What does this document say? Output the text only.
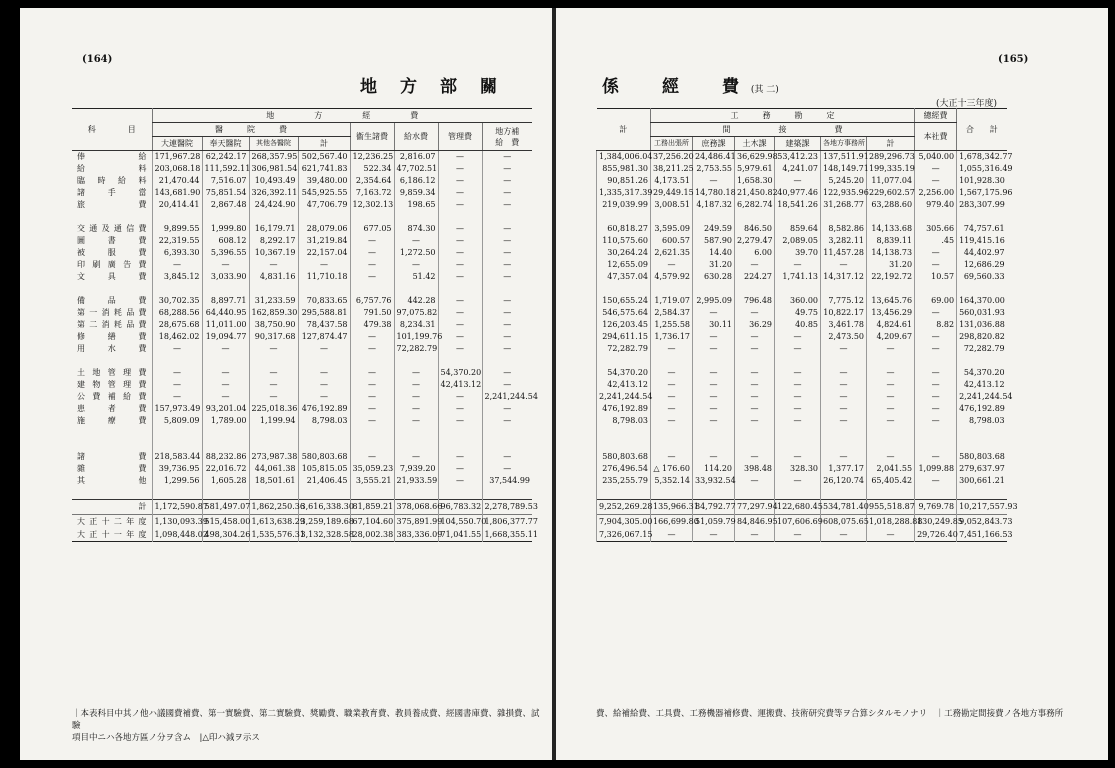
(164)
地　方　部　關
科　　　　目	地　　　　　方　　　　　經　　　　　費							
	醫　　　院　　　費				衞生諸費	給水費	管理費	地方補
給　費
	大連醫院	奉天醫院	其他各醫院	計				
俸給	171,967.28	62,242.17	268,357.95	502,567.40	12,236.25	2,816.07	—	—
給料	203,068.18	111,592.11	306,981.54	621,741.83	522.34	47,702.51	—	—
臨時給料	21,470.44	7,516.07	10,493.49	39,480.00	2,354.64	6,186.12	—	—
諸手當	143,681.90	75,851.54	326,392.11	545,925.55	7,163.72	9,859.34	—	—
旅費	20,414.41	2,867.48	24,424.90	47,706.79	12,302.13	198.65	—	—

交通及通信費	9,899.55	1,999.80	16,179.71	28,079.06	677.05	874.30	—	—
圖書費	22,319.55	608.12	8,292.17	31,219.84	—	—	—	—
被服費	6,393.30	5,396.55	10,367.19	22,157.04	—	1,272.50	—	—
印刷廣告費	—	—	—	—	—	—	—	—
文具費	3,845.12	3,033.90	4,831.16	11,710.18	—	51.42	—	—

備品費	30,702.35	8,897.71	31,233.59	70,833.65	6,757.76	442.28	—	—
第一消耗品費	68,288.56	64,440.95	162,859.30	295,588.81	791.50	97,075.82	—	—
第二消耗品費	28,675.68	11,011.00	38,750.90	78,437.58	479.38	8,234.31	—	—
修繕費	18,462.02	19,094.77	90,317.68	127,874.47	—	101,199.76	—	—
用水費	—	—	—	—	—	72,282.79	—	—

土地管理費	—	—	—	—	—	—	54,370.20	—
建物管理費	—	—	—	—	—	—	42,413.12	—
公費補給費	—	—	—	—	—	—	—	2,241,244.54
患者費	157,973.49	93,201.04	225,018.36	476,192.89	—	—	—	—
施療費	5,809.09	1,789.00	1,199.94	8,798.03	—	—	—	—

諸費	218,583.44	88,232.86	273,987.38	580,803.68	—	—	—	—
雜費	39,736.95	22,016.72	44,061.38	105,815.05	35,059.23	7,939.20	—	—
其他	1,299.56	1,605.28	18,501.61	21,406.45	3,555.21	21,933.59	—	37,544.99

計	1,172,590.87	581,497.07	1,862,250.36	3,616,338.30	81,859.21	378,068.66	96,783.32	2,278,789.53
大正十二年度	1,130,093.39	515,458.00	1,613,638.29	3,259,189.68	67,104.60	375,891.99	104,550.70	1,806,377.77
大正十一年度	1,098,448.02	498,304.26	1,535,576.31	3,132,328.58	28,002.38	383,336.09	71,041.55	1,668,355.11
｜本表科目中其ノ他ハ議國費補費、第一實驗費、第二實驗費、獎勵費、職業教育費、教員養成費、經國書庫費、雜損費、試驗
項目中ニハ各地方區ノ分ヲ含ム　|△印ハ減ヲ示ス
(165)
係　　經　　費 (其 二)
(大正十三年度)
計	工　　　務　　　勘　　　定						總經費	合　　計
	間　　　　　　接　　　　　　費						本社費	
	工務出張所	庶務課	土木課	建築課	各地方事務所	計		
1,384,006.04	37,256.20	24,486.41	36,629.98	53,412.23	137,511.91	289,296.73	5,040.00	1,678,342.77
855,981.30	38,211.25	2,753.55	5,979.61	4,241.07	148,149.71	199,335.19	—	1,055,316.49
90,851.26	4,173.51	—	1,658.30	—	5,245.20	11,077.04	—	101,928.30
1,335,317.39	29,449.15	14,780.18	21,450.82	40,977.46	122,935.96	229,602.57	2,256.00	1,567,175.96
219,039.99	3,008.51	4,187.32	6,282.74	18,541.26	31,268.77	63,288.60	979.40	283,307.99

60,818.27	3,595.09	249.59	846.50	859.64	8,582.86	14,133.68	305.66	74,757.61
110,575.60	600.57	587.90	2,279.47	2,089.05	3,282.11	8,839.11	.45	119,415.16
30,264.24	2,621.35	14.40	6.00	39.70	11,457.28	14,138.73	—	44,402.97
12,655.09	—	31.20	—	—	—	31.20	—	12,686.29
47,357.04	4,579.92	630.28	224.27	1,741.13	14,317.12	22,192.72	10.57	69,560.33

150,655.24	1,719.07	2,995.09	796.48	360.00	7,775.12	13,645.76	69.00	164,370.00
546,575.64	2,584.37	—	—	49.75	10,822.17	13,456.29	—	560,031.93
126,203.45	1,255.58	30.11	36.29	40.85	3,461.78	4,824.61	8.82	131,036.88
294,611.15	1,736.17	—	—	—	2,473.50	4,209.67	—	298,820.82
72,282.79	—	—	—	—	—	—	—	72,282.79

54,370.20	—	—	—	—	—	—	—	54,370.20
42,413.12	—	—	—	—	—	—	—	42,413.12
2,241,244.54	—	—	—	—	—	—	—	2,241,244.54
476,192.89	—	—	—	—	—	—	—	476,192.89
8,798.03	—	—	—	—	—	—	—	8,798.03

580,803.68	—	—	—	—	—	—	—	580,803.68
276,496.54	△ 176.60	114.20	398.48	328.30	1,377.17	2,041.55	1,099.88	279,637.97
235,255.79	5,352.14	33,932.54	—	—	26,120.74	65,405.42	—	300,661.21

9,252,269.28	135,966.31	84,792.77	77,297.94	122,680.45	534,781.40	955,518.87	9,769.78	10,217,557.93
7,904,305.00	166,699.80	51,059.79	84,846.95	107,606.69	608,075.65	1,018,288.88	130,249.85	9,052,843.73
7,326,067.15	—	—	—	—	—	—	29,726.40	7,451,166.53
費、給補給費、工具費、工務機器補修費、運搬費、技術研究費等ヲ合算シタルモノナリ　｜工務勘定間接費ノ各地方事務所
